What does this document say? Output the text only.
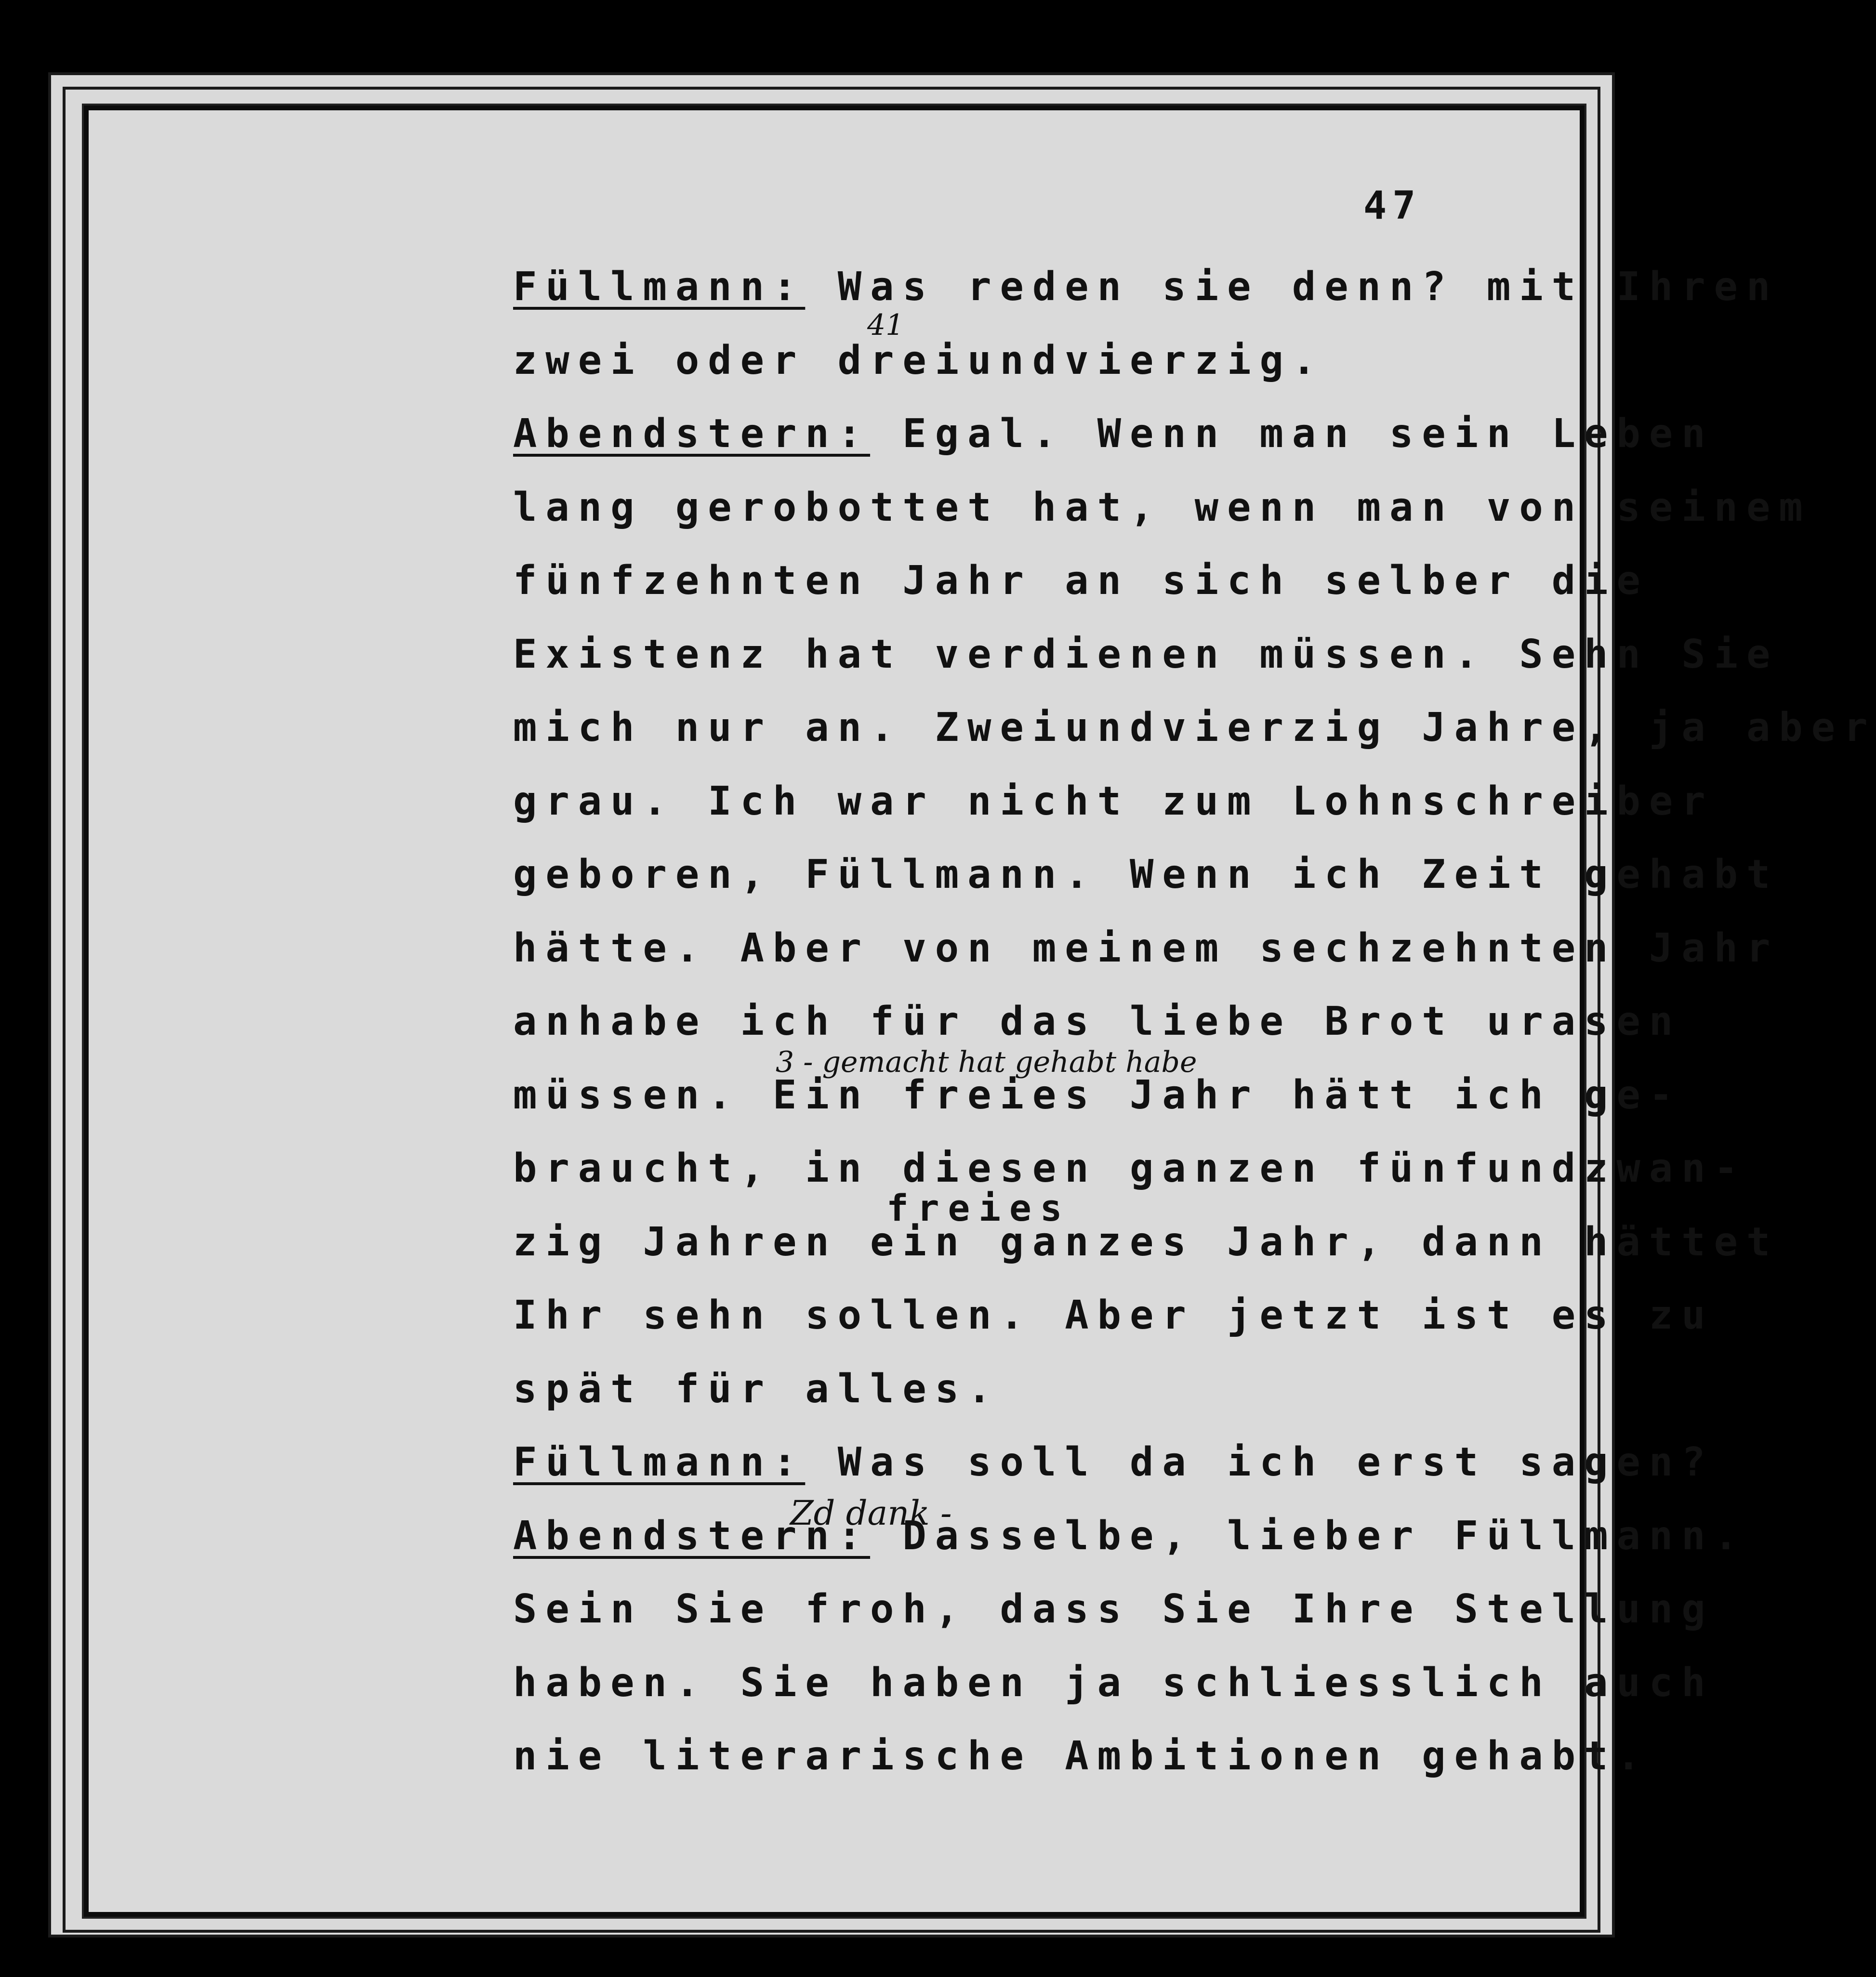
47
Füllmann: Was reden sie denn? mit Ihren
zwei oder dreiundvierzig.
Abendstern: Egal. Wenn man sein Leben
lang gerobottet hat, wenn man von seinem
fünfzehnten Jahr an sich selber die
Existenz hat verdienen müssen. Sehn Sie
mich nur an. Zweiundvierzig Jahre, ja aber
grau. Ich war nicht zum Lohnschreiber
geboren, Füllmann. Wenn ich Zeit gehabt
hätte. Aber von meinem sechzehnten Jahr
anhabe ich für das liebe Brot urasen
müssen. Ein freies Jahr hätt ich ge-
braucht, in diesen ganzen fünfundzwan-
zig Jahren ein ganzes Jahr, dann hättet
Ihr sehn sollen. Aber jetzt ist es zu
spät für alles.
Füllmann: Was soll da ich erst sagen?
Abendstern: Dasselbe, lieber Füllmann.
Sein Sie froh, dass Sie Ihre Stellung
haben. Sie haben ja schliesslich auch
nie literarische Ambitionen gehabt.
41
3 - gemacht hat gehabt habe
Zd dank -
freies
